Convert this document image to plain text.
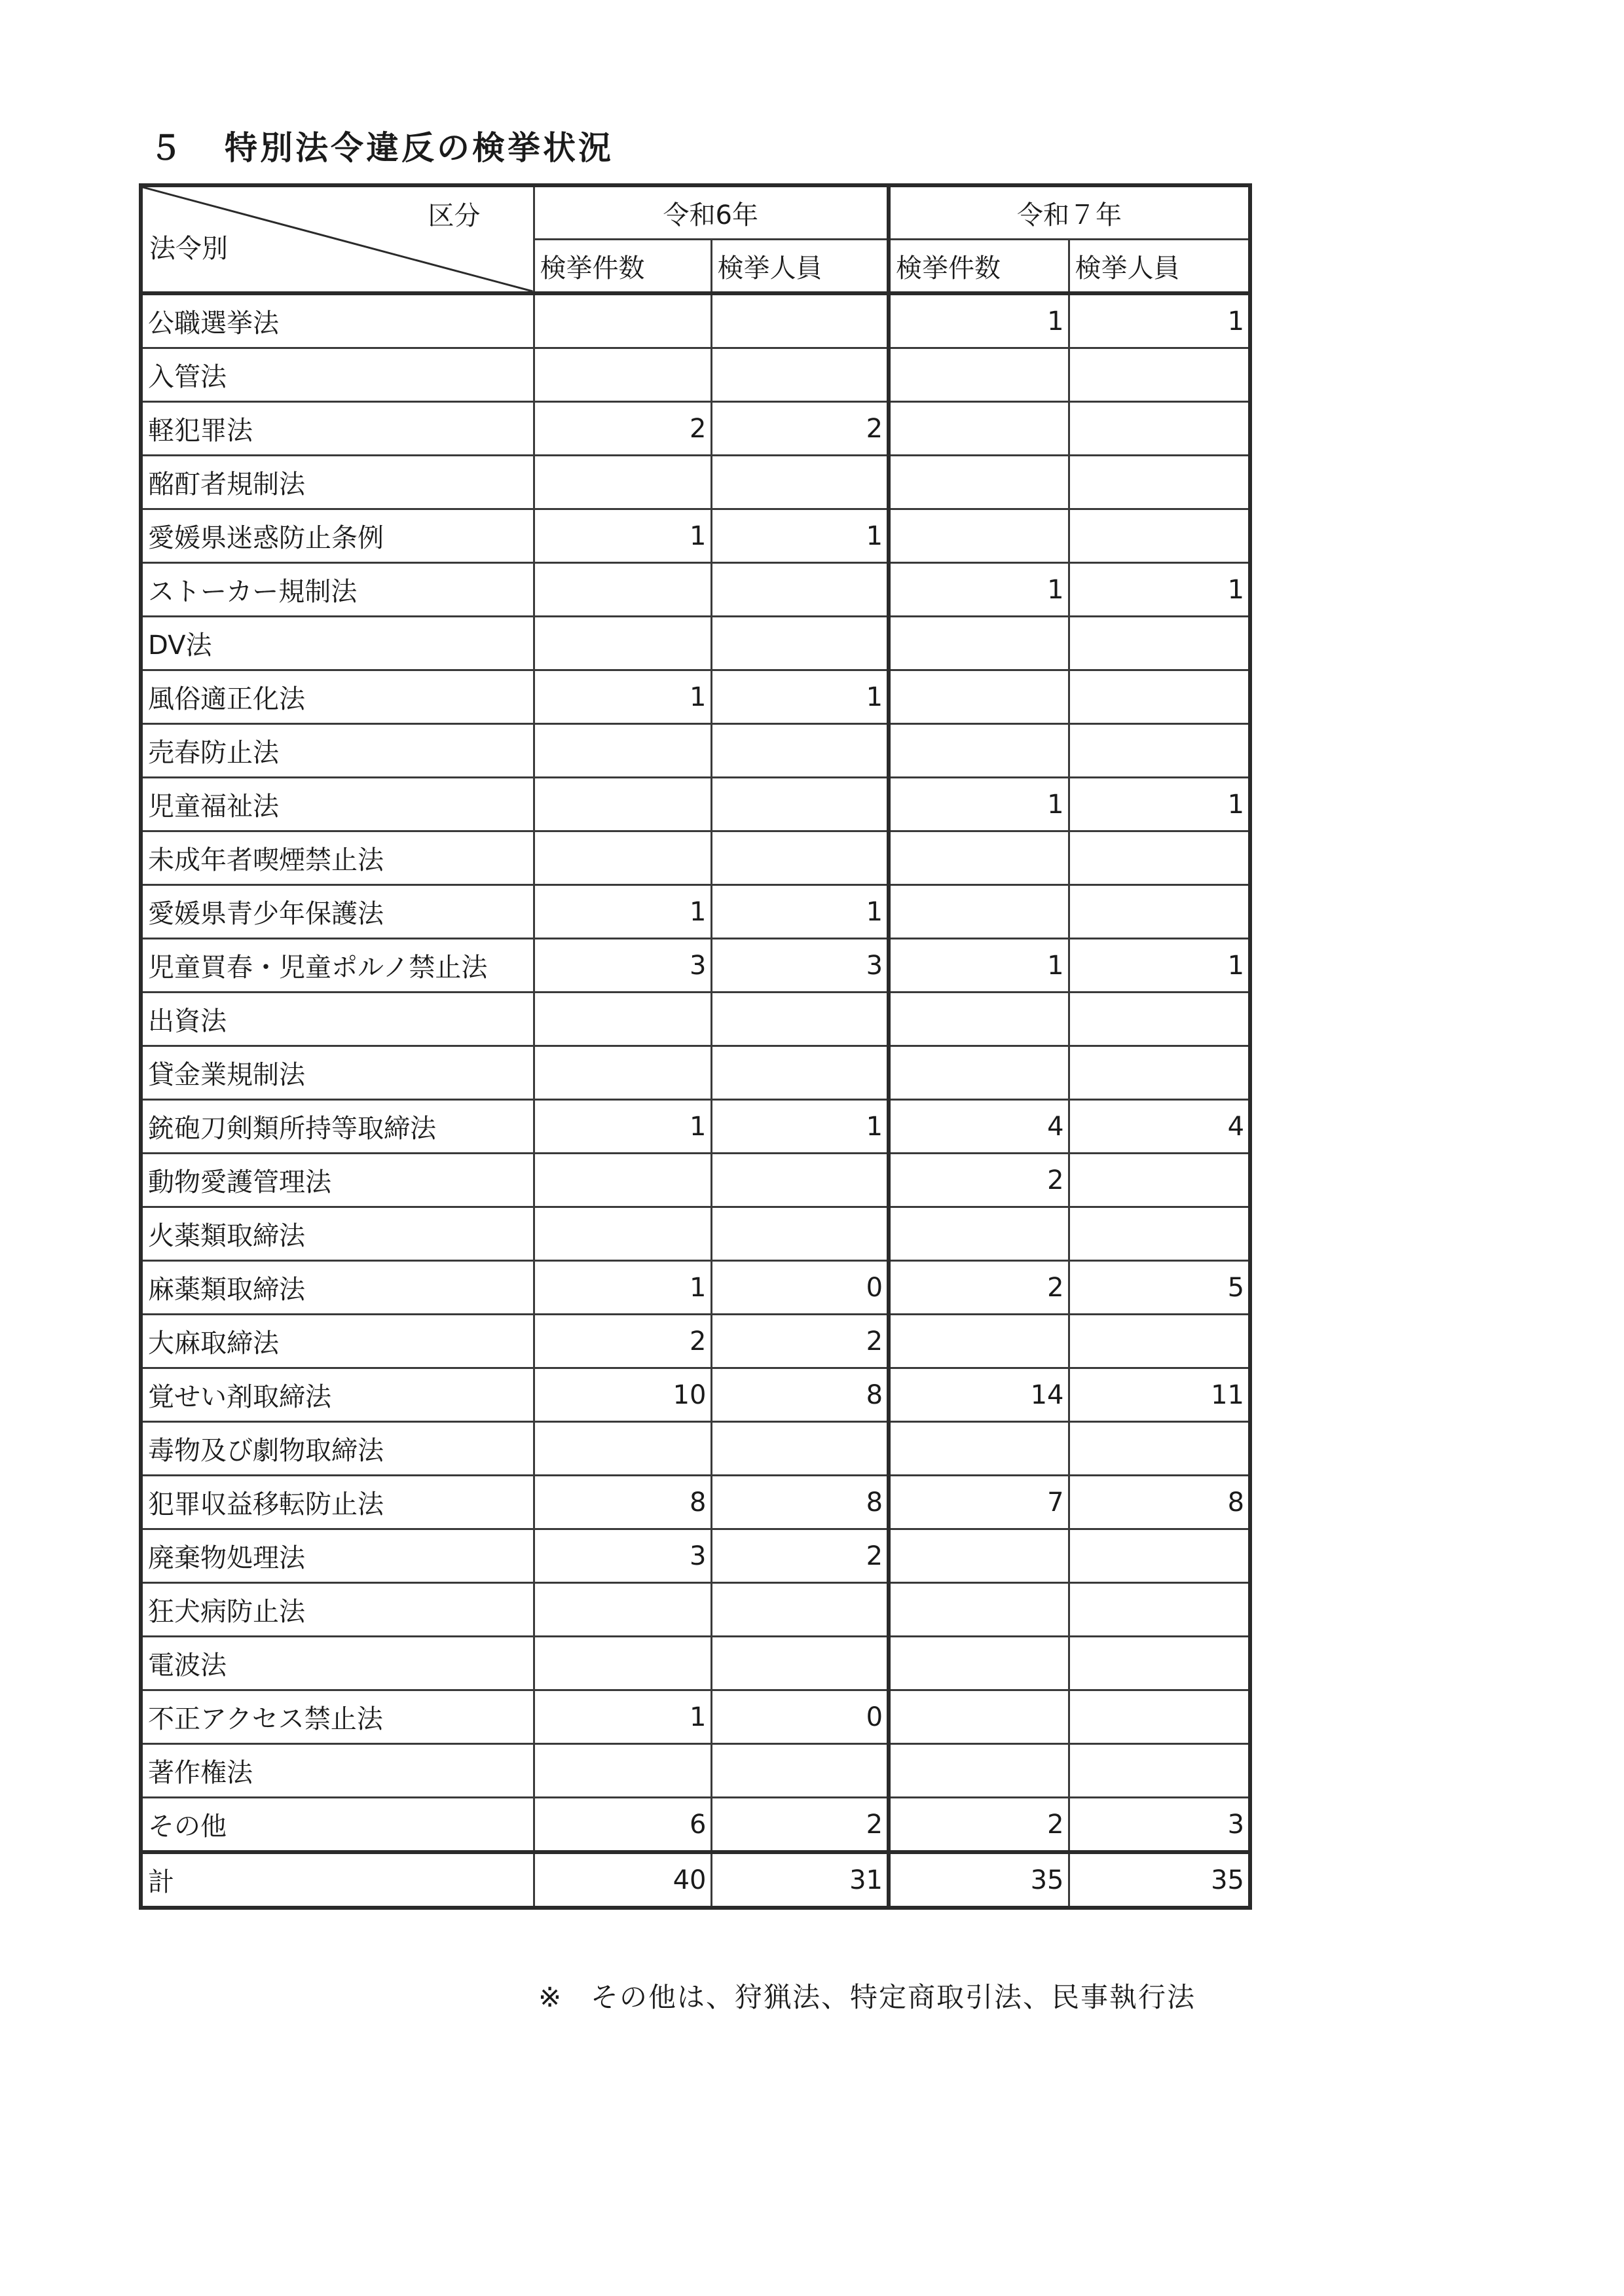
５ 特別法令違反の検挙状況
区分
法令別	令和6年		令和７年	
	検挙件数	検挙人員	検挙件数	検挙人員
公職選挙法			1	1
入管法				
軽犯罪法	2	2		
酩酊者規制法				
愛媛県迷惑防止条例	1	1		
ストーカー規制法			1	1
DV法				
風俗適正化法	1	1		
売春防止法				
児童福祉法			1	1
未成年者喫煙禁止法				
愛媛県青少年保護法	1	1		
児童買春・児童ポルノ禁止法	3	3	1	1
出資法				
貸金業規制法				
銃砲刀剣類所持等取締法	1	1	4	4
動物愛護管理法			2	
火薬類取締法				
麻薬類取締法	1	0	2	5
大麻取締法	2	2		
覚せい剤取締法	10	8	14	11
毒物及び劇物取締法				
犯罪収益移転防止法	8	8	7	8
廃棄物処理法	3	2		
狂犬病防止法				
電波法				
不正アクセス禁止法	1	0		
著作権法				
その他	6	2	2	3
計	40	31	35	35
※ その他は、狩猟法、特定商取引法、民事執行法
